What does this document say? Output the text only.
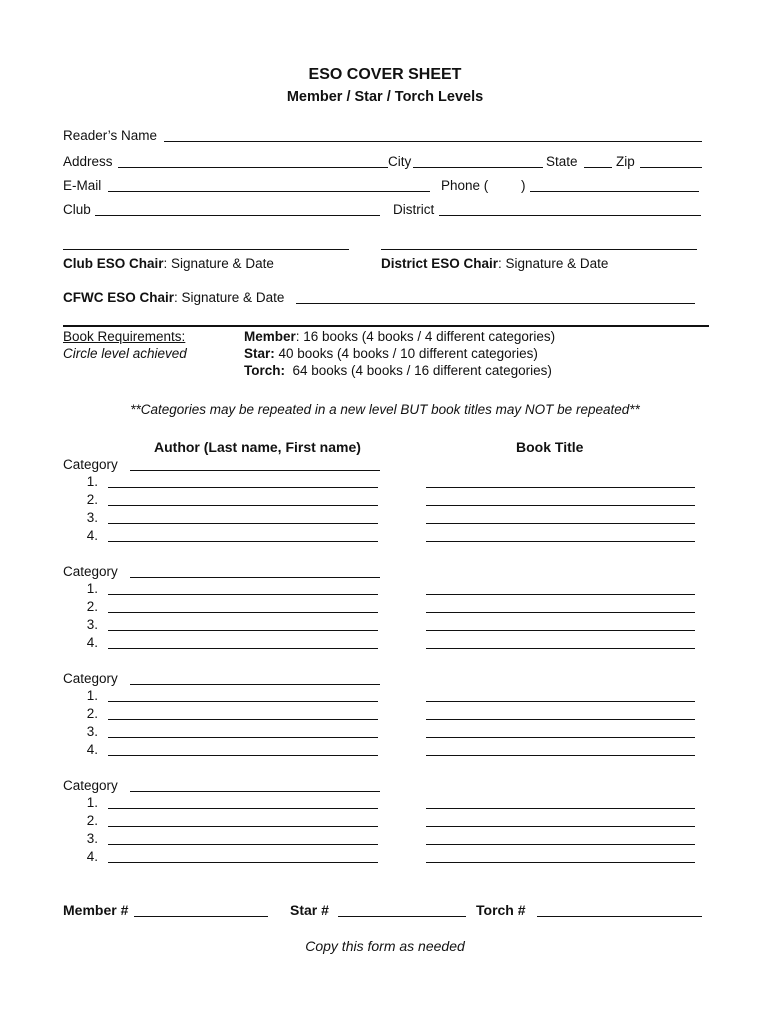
ESO COVER SHEET
Member / Star / Torch Levels
Reader’s Name
Address	City	State	Zip
E-Mail	Phone ( )
Club	District
Club ESO Chair: Signature & Date	District ESO Chair: Signature & Date
CFWC ESO Chair: Signature & Date
Book Requirements:
Circle level achieved
Member: 16 books (4 books / 4 different categories)
Star: 40 books (4 books / 10 different categories)
Torch:  64 books (4 books / 16 different categories)
**Categories may be repeated in a new level BUT book titles may NOT be repeated**
Author (Last name, First name)	Book Title
Category
1.
2.
3.
4.
Category
1.
2.
3.
4.
Category
1.
2.
3.
4.
Category
1.
2.
3.
4.
Member #	Star #	Torch #
Copy this form as needed
